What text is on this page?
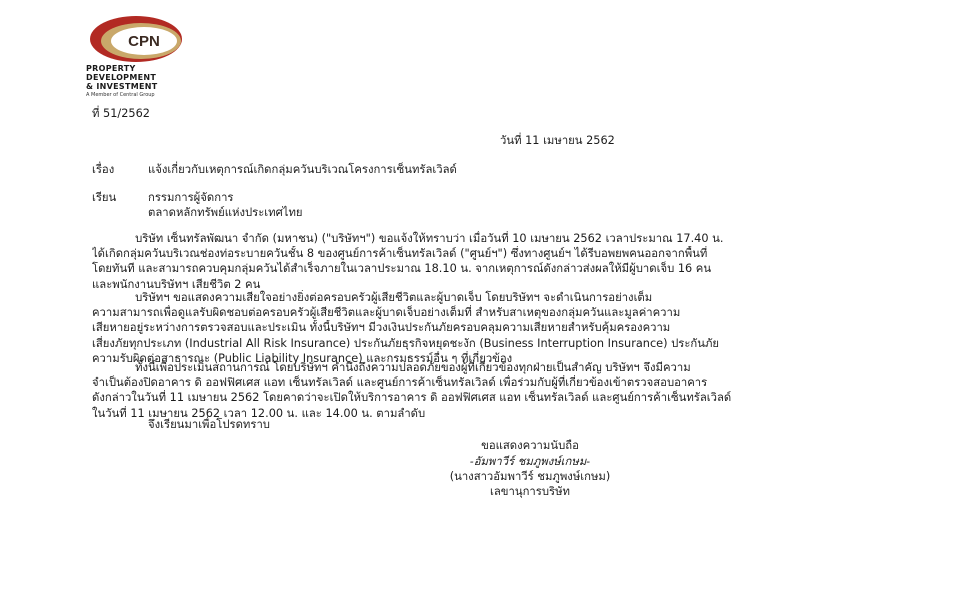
CPN
PROPERTY
DEVELOPMENT
& INVESTMENT
A Member of Central Group
ที่ 51/2562
วันที่ 11 เมษายน 2562
เรื่อง	แจ้งเกี่ยวกับเหตุการณ์เกิดกลุ่มควันบริเวณโครงการเซ็นทรัลเวิลด์
เรียน	กรรมการผู้จัดการ
ตลาดหลักทรัพย์แห่งประเทศไทย
บริษัท เซ็นทรัลพัฒนา จำกัด (มหาชน) ("บริษัทฯ") ขอแจ้งให้ทราบว่า เมื่อวันที่ 10 เมษายน 2562 เวลาประมาณ 17.40 น.
ได้เกิดกลุ่มควันบริเวณช่องท่อระบายควันชั้น 8 ของศูนย์การค้าเซ็นทรัลเวิลด์ ("ศูนย์ฯ") ซึ่งทางศูนย์ฯ ได้รีบอพยพคนออกจากพื้นที่
โดยทันที และสามารถควบคุมกลุ่มควันได้สำเร็จภายในเวลาประมาณ 18.10 น. จากเหตุการณ์ดังกล่าวส่งผลให้มีผู้บาดเจ็บ 16 คน
และพนักงานบริษัทฯ เสียชีวิต 2 คน
บริษัทฯ ขอแสดงความเสียใจอย่างยิ่งต่อครอบครัวผู้เสียชีวิตและผู้บาดเจ็บ โดยบริษัทฯ จะดำเนินการอย่างเต็ม
ความสามารถเพื่อดูแลรับผิดชอบต่อครอบครัวผู้เสียชีวิตและผู้บาดเจ็บอย่างเต็มที่ สำหรับสาเหตุของกลุ่มควันและมูลค่าความ
เสียหายอยู่ระหว่างการตรวจสอบและประเมิน ทั้งนี้บริษัทฯ มีวงเงินประกันภัยครอบคลุมความเสียหายสำหรับคุ้มครองความ
เสี่ยงภัยทุกประเภท (Industrial All Risk Insurance) ประกันภัยธุรกิจหยุดชะงัก (Business Interruption Insurance) ประกันภัย
ความรับผิดต่อสาธารณะ (Public Liability Insurance) และกรมธรรม์อื่น ๆ ที่เกี่ยวข้อง
ทั้งนี้เพื่อประเมินสถานการณ์ โดยบริษัทฯ คำนึงถึงความปลอดภัยของผู้ที่เกี่ยวข้องทุกฝ่ายเป็นสำคัญ บริษัทฯ จึงมีความ
จำเป็นต้องปิดอาคาร ดิ ออฟฟิศเศส แอท เซ็นทรัลเวิลด์ และศูนย์การค้าเซ็นทรัลเวิลด์ เพื่อร่วมกับผู้ที่เกี่ยวข้องเข้าตรวจสอบอาคาร
ดังกล่าวในวันที่ 11 เมษายน 2562 โดยคาดว่าจะเปิดให้บริการอาคาร ดิ ออฟฟิศเศส แอท เซ็นทรัลเวิลด์ และศูนย์การค้าเซ็นทรัลเวิลด์
ในวันที่ 11 เมษายน 2562 เวลา 12.00 น. และ 14.00 น. ตามลำดับ
จึงเรียนมาเพื่อโปรดทราบ
ขอแสดงความนับถือ
-อัมพาวีร์ ชมภูพงษ์เกษม-
(นางสาวอัมพาวีร์ ชมภูพงษ์เกษม)
เลขานุการบริษัท
